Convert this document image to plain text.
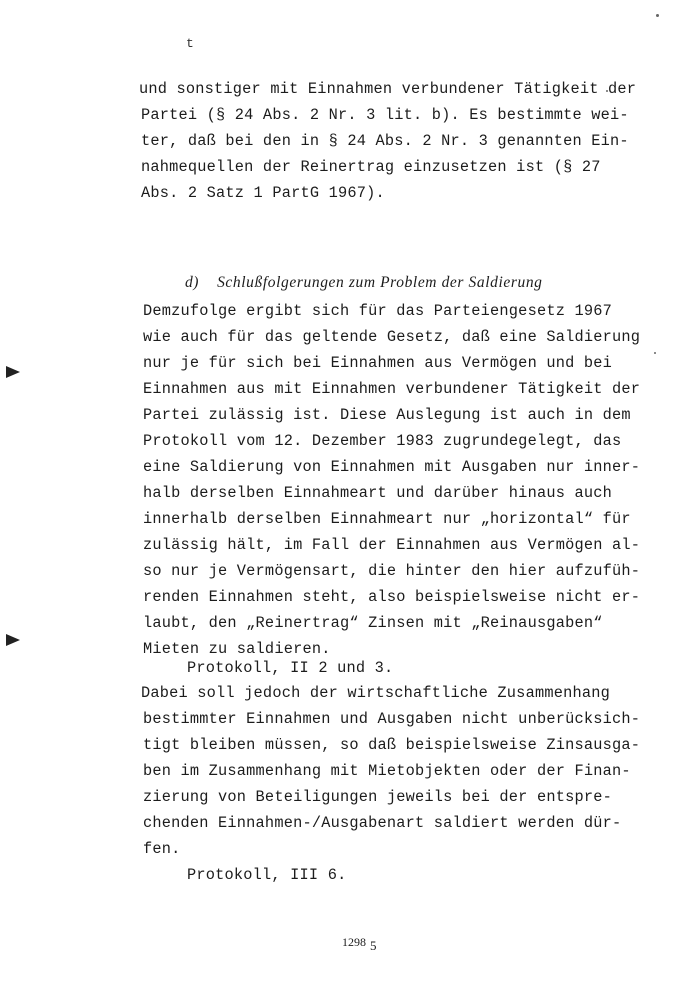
t
und sonstiger mit Einnahmen verbundener Tätigkeit der
Partei (§ 24 Abs. 2 Nr. 3 lit. b). Es bestimmte wei-
ter, daß bei den in § 24 Abs. 2 Nr. 3 genannten Ein-
nahmequellen der Reinertrag einzusetzen ist (§ 27
Abs. 2 Satz 1 PartG 1967).

d) Schlußfolgerungen zum Problem der Saldierung

Demzufolge ergibt sich für das Parteiengesetz 1967
wie auch für das geltende Gesetz, daß eine Saldierung
nur je für sich bei Einnahmen aus Vermögen und bei
Einnahmen aus mit Einnahmen verbundener Tätigkeit der
Partei zulässig ist. Diese Auslegung ist auch in dem
Protokoll vom 12. Dezember 1983 zugrundegelegt, das
eine Saldierung von Einnahmen mit Ausgaben nur inner-
halb derselben Einnahmeart und darüber hinaus auch
innerhalb derselben Einnahmeart nur „horizontal“ für
zulässig hält, im Fall der Einnahmen aus Vermögen al-
so nur je Vermögensart, die hinter den hier aufzufüh-
renden Einnahmen steht, also beispielsweise nicht er-
laubt, den „Reinertrag“ Zinsen mit „Reinausgaben“
Mieten zu saldieren.
Protokoll, II 2 und 3.
Dabei soll jedoch der wirtschaftliche Zusammenhang
bestimmter Einnahmen und Ausgaben nicht unberücksich-
tigt bleiben müssen, so daß beispielsweise Zinsausga-
ben im Zusammenhang mit Mietobjekten oder der Finan-
zierung von Beteiligungen jeweils bei der entspre-
chenden Einnahmen-/Ausgabenart saldiert werden dür-
fen.
Protokoll, III 6.
1298 5
